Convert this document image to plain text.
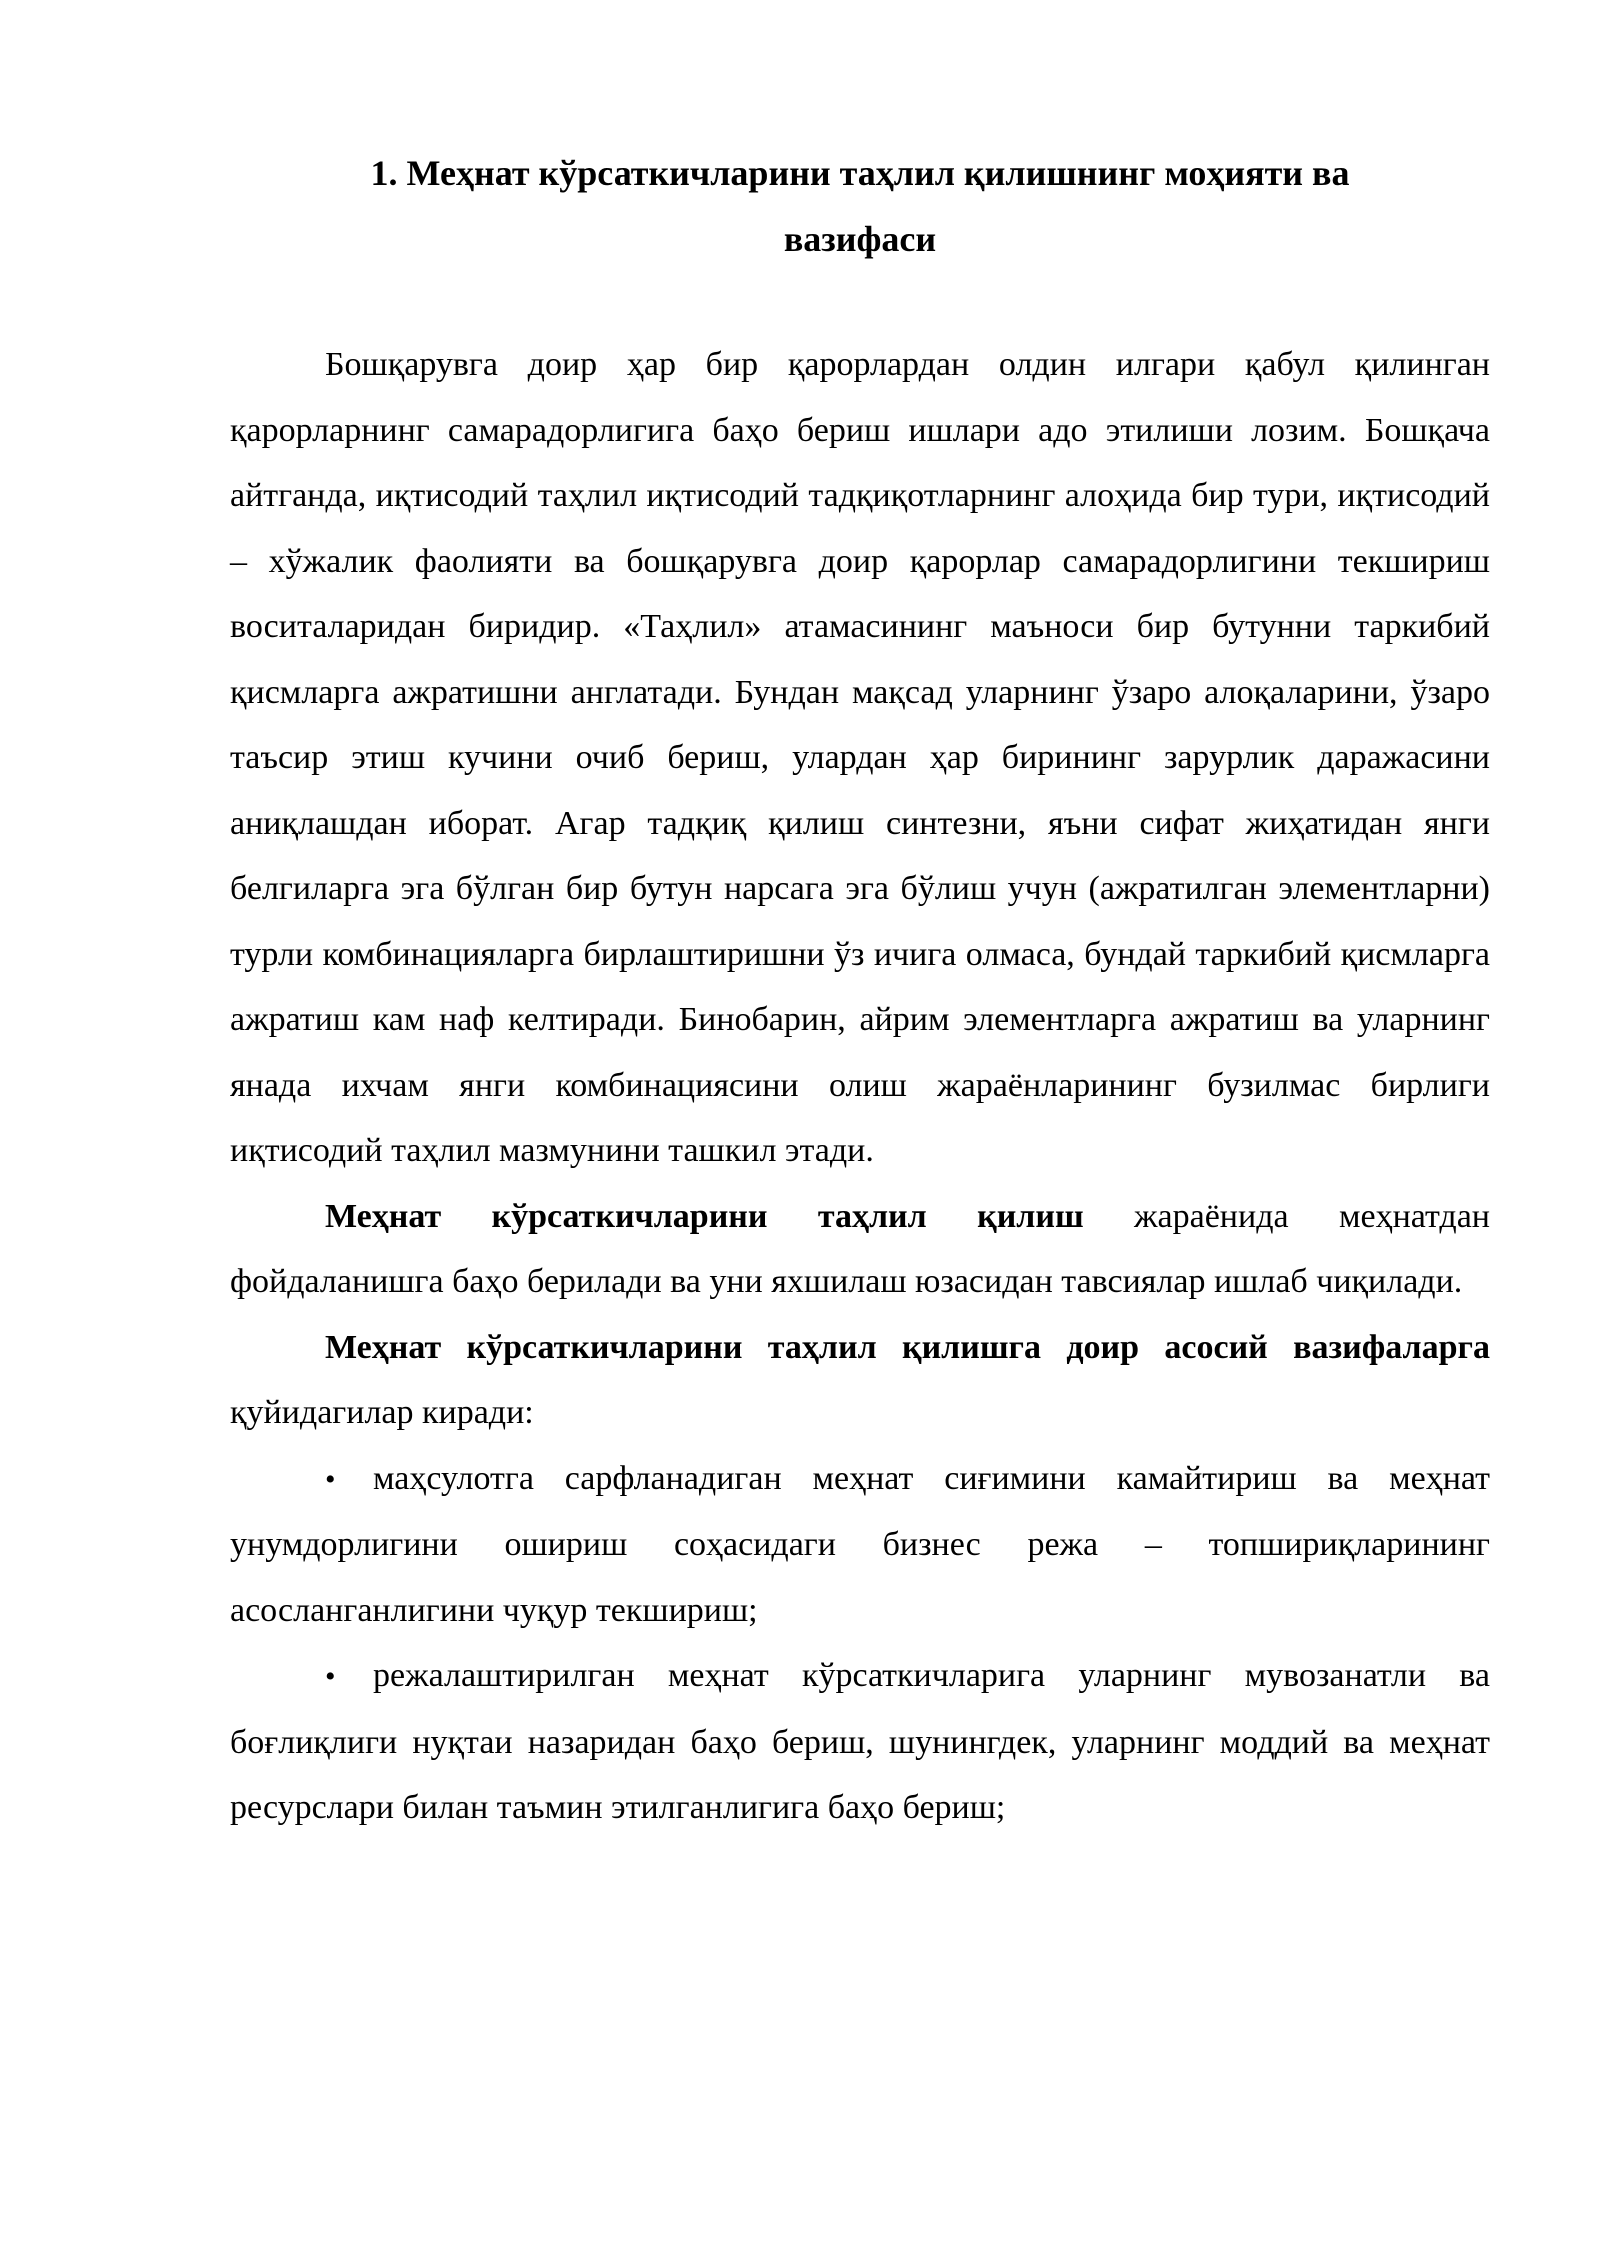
1. Меҳнат кўрсаткичларини таҳлил қилишнинг моҳияти ва
вазифаси

Бошқарувга доир ҳар бир қарорлардан олдин илгари қабул қилинган қарорларнинг самарадорлигига баҳо бериш ишлари адо этилиши лозим. Бошқача айтганда, иқтисодий таҳлил иқтисодий тадқиқотларнинг алоҳида бир тури, иқтисодий – хўжалик фаолияти ва бошқарувга доир қарорлар самарадорлигини текшириш воситаларидан биридир. «Таҳлил» атамасининг маъноси бир бутунни таркибий қисмларга ажратишни англатади. Бундан мақсад уларнинг ўзаро алоқаларини, ўзаро таъсир этиш кучини очиб бериш, улардан ҳар бирининг зарурлик даражасини аниқлашдан иборат. Агар тадқиқ қилиш синтезни, яъни сифат жиҳатидан янги белгиларга эга бўлган бир бутун нарсага эга бўлиш учун (ажратилган элементларни) турли комбинацияларга бирлаштиришни ўз ичига олмаса, бундай таркибий қисмларга ажратиш кам наф келтиради. Бинобарин, айрим элементларга ажратиш ва уларнинг янада ихчам янги комбинациясини олиш жараёнларининг бузилмас бирлиги иқтисодий таҳлил мазмунини ташкил этади.

Меҳнат кўрсаткичларини таҳлил қилиш жараёнида меҳнатдан фойдаланишга баҳо берилади ва уни яхшилаш юзасидан тавсиялар ишлаб чиқилади.

Меҳнат кўрсаткичларини таҳлил қилишга доир асосий вазифаларга қуйидагилар киради:

• маҳсулотга сарфланадиган меҳнат сиғимини камайтириш ва меҳнат унумдорлигини ошириш соҳасидаги бизнес режа – топшириқларининг асосланганлигини чуқур текшириш;
• режалаштирилган меҳнат кўрсаткичларига уларнинг мувозанатли ва боғлиқлиги нуқтаи назаридан баҳо бериш, шунингдек, уларнинг моддий ва меҳнат ресурслари билан таъмин этилганлигига баҳо бериш;
